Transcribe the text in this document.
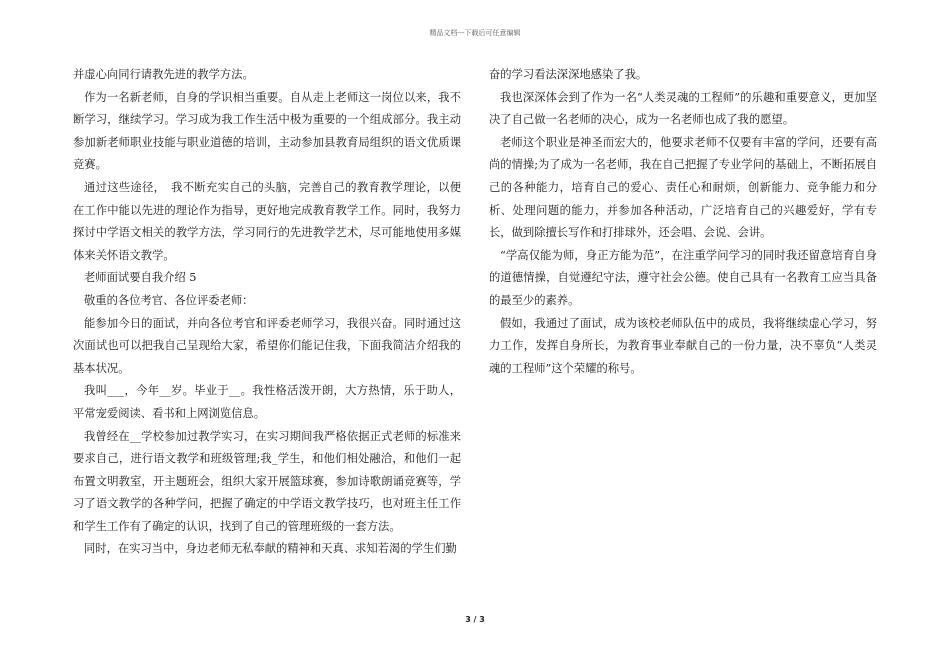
精品文档---下载后可任意编辑

并虚心向同行请教先进的教学方法。

作为一名新老师，自身的学识相当重要。自从走上老师这一岗位以来，我不断学习，继续学习。学习成为我工作生活中极为重要的一个组成部分。我主动参加新老师职业技能与职业道德的培训，主动参加县教育局组织的语文优质课竞赛。

通过这些途径，　我不断充实自己的头脑，完善自己的教育教学理论，以便在工作中能以先进的理论作为指导，更好地完成教育教学工作。同时，我努力探讨中学语文相关的教学方法，学习同行的先进教学艺术，尽可能地使用多媒体来关怀语文教学。

老师面试要自我介绍 5

敬重的各位考官、各位评委老师：

能参加今日的面试，并向各位考官和评委老师学习，我很兴奋。同时通过这次面试也可以把我自己呈现给大家，希望你们能记住我，下面我简洁介绍我的基本状况。

我叫___，今年__岁。毕业于__。我性格活泼开朗，大方热情，乐于助人，平常宠爱阅读、看书和上网浏览信息。

我曾经在__学校参加过教学实习，在实习期间我严格依据正式老师的标准来要求自己，进行语文教学和班级管理;我_学生，和他们相处融洽，和他们一起布置文明教室，开主题班会，组织大家开展篮球赛，参加诗歌朗诵竞赛等，学习了语文教学的各种学问，把握了确定的中学语文教学技巧，也对班主任工作和学生工作有了确定的认识，找到了自己的管理班级的一套方法。

同时，在实习当中，身边老师无私奉献的精神和天真、求知若渴的学生们勤

奋的学习看法深深地感染了我。

我也深深体会到了作为一名“人类灵魂的工程师”的乐趣和重要意义，更加坚决了自己做一名老师的决心，成为一名老师也成了我的愿望。

老师这个职业是神圣而宏大的，他要求老师不仅要有丰富的学问，还要有高尚的情操;为了成为一名老师，我在自己把握了专业学问的基础上，不断拓展自己的各种能力，培育自己的爱心、责任心和耐烦，创新能力、竞争能力和分析、处理问题的能力，并参加各种活动，广泛培育自己的兴趣爱好，学有专长，做到除擅长写作和打排球外，还会唱、会说、会讲。

“学高仅能为师，身正方能为范”，在注重学问学习的同时我还留意培育自身的道德情操，自觉遵纪守法，遵守社会公德。使自己具有一名教育工应当具备的最至少的素养。

假如，我通过了面试，成为该校老师队伍中的成员，我将继续虚心学习，努力工作，发挥自身所长，为教育事业奉献自己的一份力量，决不辜负“人类灵魂的工程师”这个荣耀的称号。

3 / 3
